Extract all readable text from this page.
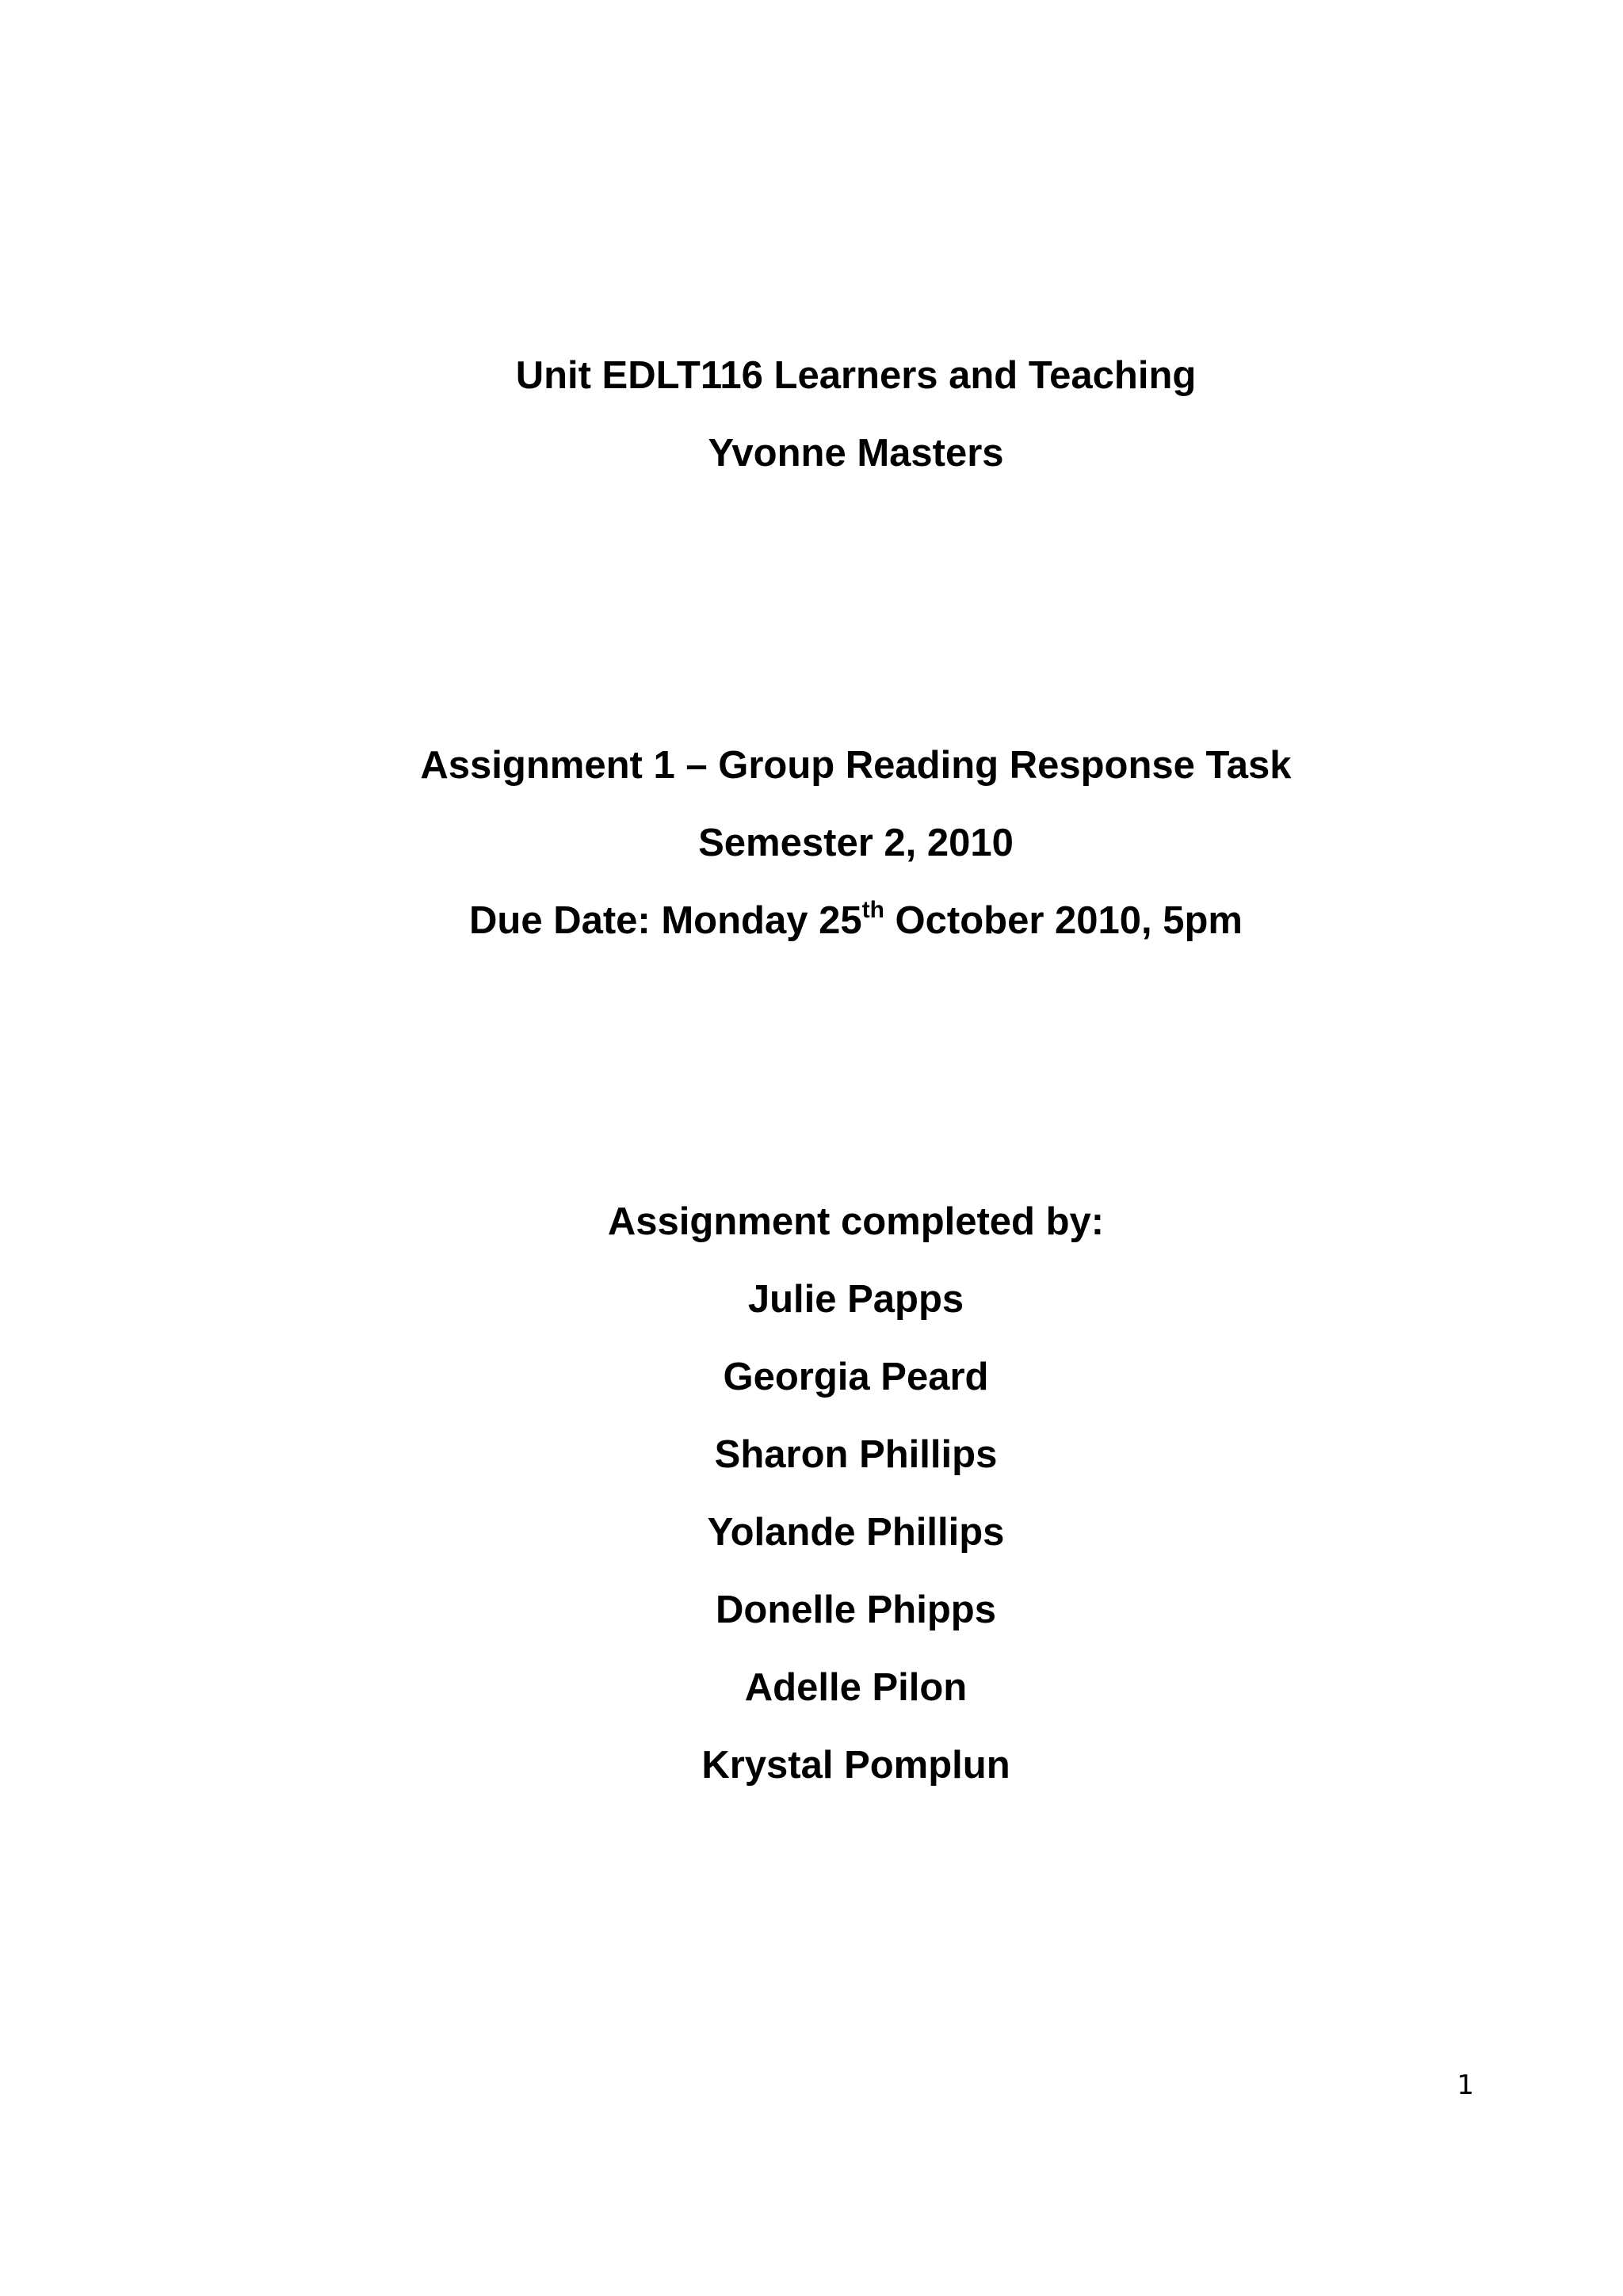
Unit EDLT116 Learners and Teaching
Yvonne Masters
Assignment 1 – Group Reading Response Task
Semester 2, 2010
Due Date: Monday 25th October 2010, 5pm
Assignment completed by:
Julie Papps
Georgia Peard
Sharon Phillips
Yolande Phillips
Donelle Phipps
Adelle Pilon
Krystal Pomplun
1
